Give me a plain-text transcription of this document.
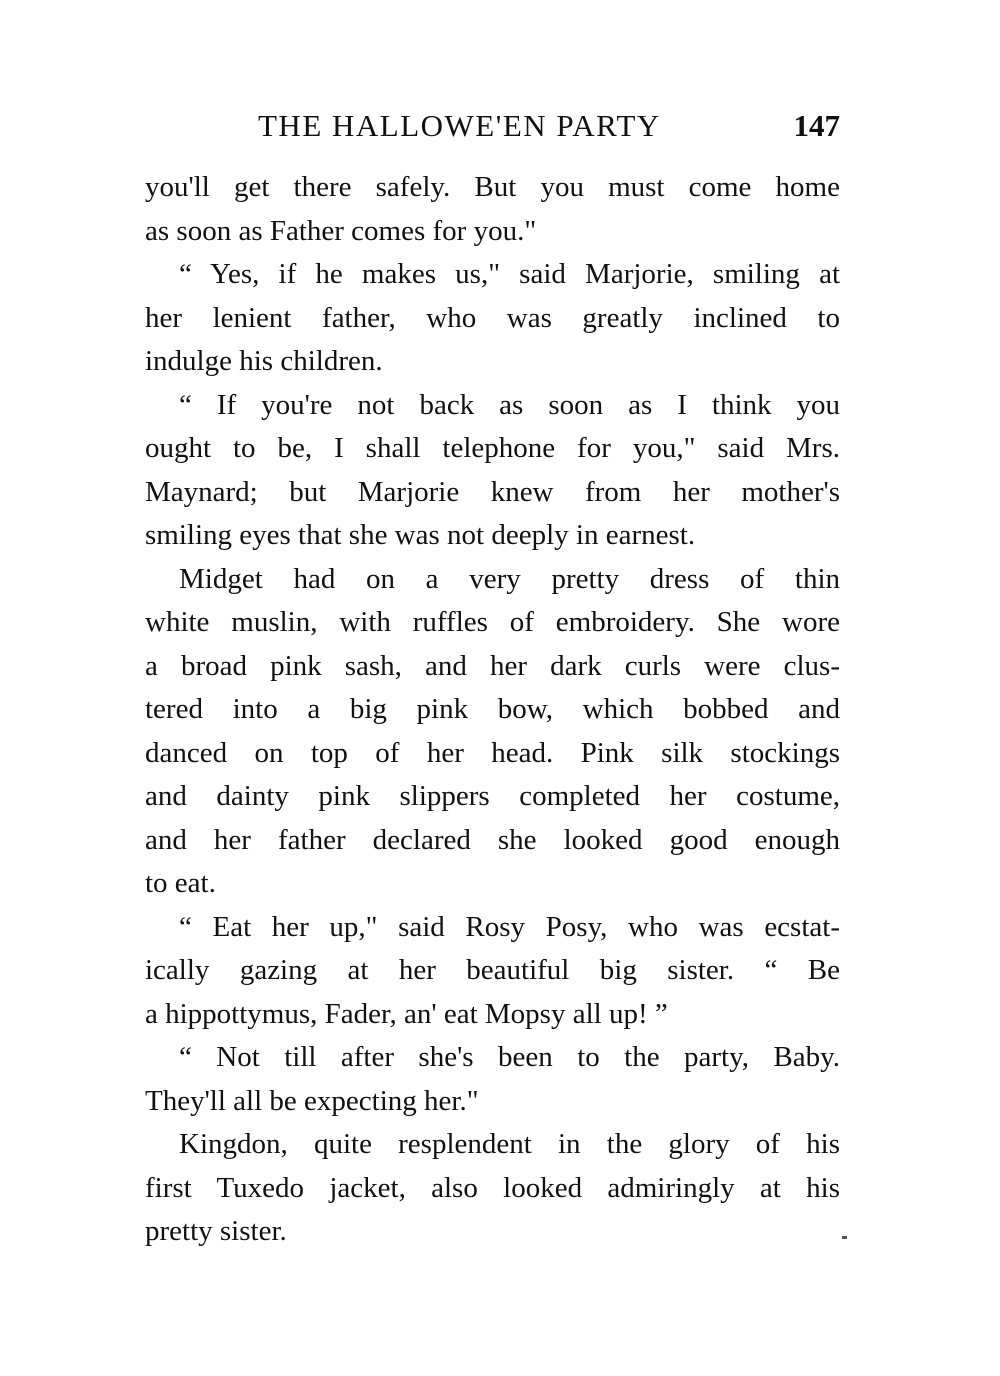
THE HALLOWE'EN PARTY	147
you'll get there safely. But you must come home
as soon as Father comes for you."
“ Yes, if he makes us," said Marjorie, smiling at
her lenient father, who was greatly inclined to
indulge his children.
“ If you're not back as soon as I think you
ought to be, I shall telephone for you," said Mrs.
Maynard; but Marjorie knew from her mother's
smiling eyes that she was not deeply in earnest.
Midget had on a very pretty dress of thin
white muslin, with ruffles of embroidery. She wore
a broad pink sash, and her dark curls were clus-
tered into a big pink bow, which bobbed and
danced on top of her head. Pink silk stockings
and dainty pink slippers completed her costume,
and her father declared she looked good enough
to eat.
“ Eat her up," said Rosy Posy, who was ecstat-
ically gazing at her beautiful big sister. “ Be
a hippottymus, Fader, an' eat Mopsy all up! ”
“ Not till after she's been to the party, Baby.
They'll all be expecting her."
Kingdon, quite resplendent in the glory of his
first Tuxedo jacket, also looked admiringly at his
pretty sister.
